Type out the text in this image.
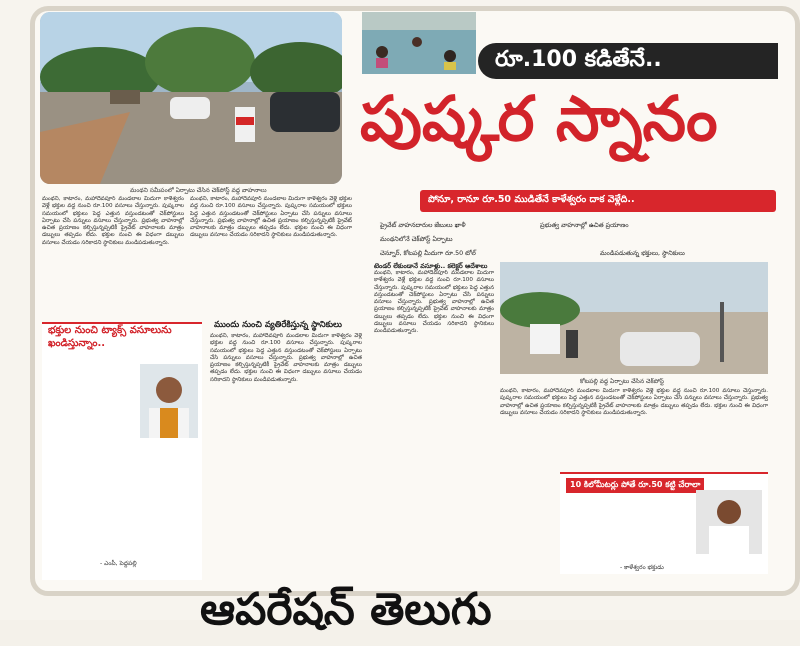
మంథని సమీపంలో ఏర్పాటు చేసిన చెక్‌పోస్ట్ వద్ద వాహనాలు
రూ.100 కడితేనే..
పుష్కర స్నానం
పోనూ, రానూ రూ.50 ముడితేనే కాళేశ్వరం దాక వెళ్లేది..
ప్రైవేట్ వాహనదారుల జేబులు ఖాళీ	ప్రభుత్వ వాహనాల్లో ఉచిత ప్రయాణం
మంథనిలోనే చెక్‌పోస్ట్ ఏర్పాటు
చెన్నూర్, కోటపల్లి మీదుగా రూ.50 టోల్	మండిపడుతున్న భక్తులు, స్థానికులు
మంథని, కాటారం, మహాదేవపూర్ మండలాల మీదుగా కాళేశ్వరం వెళ్లే భక్తుల వద్ద నుంచి రూ.100 వసూలు చేస్తున్నారు. పుష్కరాల సమయంలో భక్తులు పెద్ద ఎత్తున వస్తుండటంతో చెక్‌పోస్టులు ఏర్పాటు చేసి పన్నులు వసూలు చేస్తున్నారు. ప్రభుత్వ వాహనాల్లో ఉచిత ప్రయాణం కల్పిస్తున్నప్పటికీ ప్రైవేట్ వాహనాలకు మాత్రం డబ్బులు తప్పడం లేదు. భక్తుల నుంచి ఈ విధంగా డబ్బులు వసూలు చేయడం సరికాదని స్థానికులు మండిపడుతున్నారు.
మంథని, కాటారం, మహాదేవపూర్ మండలాల మీదుగా కాళేశ్వరం వెళ్లే భక్తుల వద్ద నుంచి రూ.100 వసూలు చేస్తున్నారు. పుష్కరాల సమయంలో భక్తులు పెద్ద ఎత్తున వస్తుండటంతో చెక్‌పోస్టులు ఏర్పాటు చేసి పన్నులు వసూలు చేస్తున్నారు. ప్రభుత్వ వాహనాల్లో ఉచిత ప్రయాణం కల్పిస్తున్నప్పటికీ ప్రైవేట్ వాహనాలకు మాత్రం డబ్బులు తప్పడం లేదు. భక్తుల నుంచి ఈ విధంగా డబ్బులు వసూలు చేయడం సరికాదని స్థానికులు మండిపడుతున్నారు.
మంథని, కాటారం, మహాదేవపూర్ మండలాల మీదుగా కాళేశ్వరం వెళ్లే భక్తుల వద్ద నుంచి రూ.100 వసూలు చేస్తున్నారు. పుష్కరాల సమయంలో భక్తులు పెద్ద ఎత్తున వస్తుండటంతో చెక్‌పోస్టులు ఏర్పాటు చేసి పన్నులు వసూలు చేస్తున్నారు. ప్రభుత్వ వాహనాల్లో ఉచిత ప్రయాణం కల్పిస్తున్నప్పటికీ ప్రైవేట్ వాహనాలకు మాత్రం డబ్బులు తప్పడం లేదు. భక్తుల నుంచి ఈ విధంగా డబ్బులు వసూలు చేయడం సరికాదని స్థానికులు మండిపడుతున్నారు.
మంథని, కాటారం, మహాదేవపూర్ మండలాల మీదుగా కాళేశ్వరం వెళ్లే భక్తుల వద్ద నుంచి రూ.100 వసూలు చేస్తున్నారు. పుష్కరాల సమయంలో భక్తులు పెద్ద ఎత్తున వస్తుండటంతో చెక్‌పోస్టులు ఏర్పాటు చేసి పన్నులు వసూలు చేస్తున్నారు. ప్రభుత్వ వాహనాల్లో ఉచిత ప్రయాణం కల్పిస్తున్నప్పటికీ ప్రైవేట్ వాహనాలకు మాత్రం డబ్బులు తప్పడం లేదు. భక్తుల నుంచి ఈ విధంగా డబ్బులు వసూలు చేయడం సరికాదని స్థానికులు మండిపడుతున్నారు.
మంథని, కాటారం, మహాదేవపూర్ మండలాల మీదుగా కాళేశ్వరం వెళ్లే భక్తుల వద్ద నుంచి రూ.100 వసూలు చేస్తున్నారు. పుష్కరాల సమయంలో భక్తులు పెద్ద ఎత్తున వస్తుండటంతో చెక్‌పోస్టులు ఏర్పాటు చేసి పన్నులు వసూలు చేస్తున్నారు. ప్రభుత్వ వాహనాల్లో ఉచిత ప్రయాణం కల్పిస్తున్నప్పటికీ ప్రైవేట్ వాహనాలకు మాత్రం డబ్బులు తప్పడం లేదు. భక్తుల నుంచి ఈ విధంగా డబ్బులు వసూలు చేయడం సరికాదని స్థానికులు మండిపడుతున్నారు.
భక్తుల నుంచి ట్యాక్స్ వసూలును ఖండిస్తున్నాం..
- ఎంపీ, పెద్దపల్లి
ముందు నుంచి వ్యతిరేకిస్తున్న స్థానికులు
టెండర్ లేకుండానే వసూళ్లు.. కలెక్టర్ ఆదేశాలు
కోటపల్లి వద్ద ఏర్పాటు చేసిన చెక్‌పోస్ట్
10 కిలోమీటర్లు పోతే రూ.50 కట్టి చేరాలా
- కాళేశ్వరం భక్తుడు
ఆపరేషన్ తెలుగు
